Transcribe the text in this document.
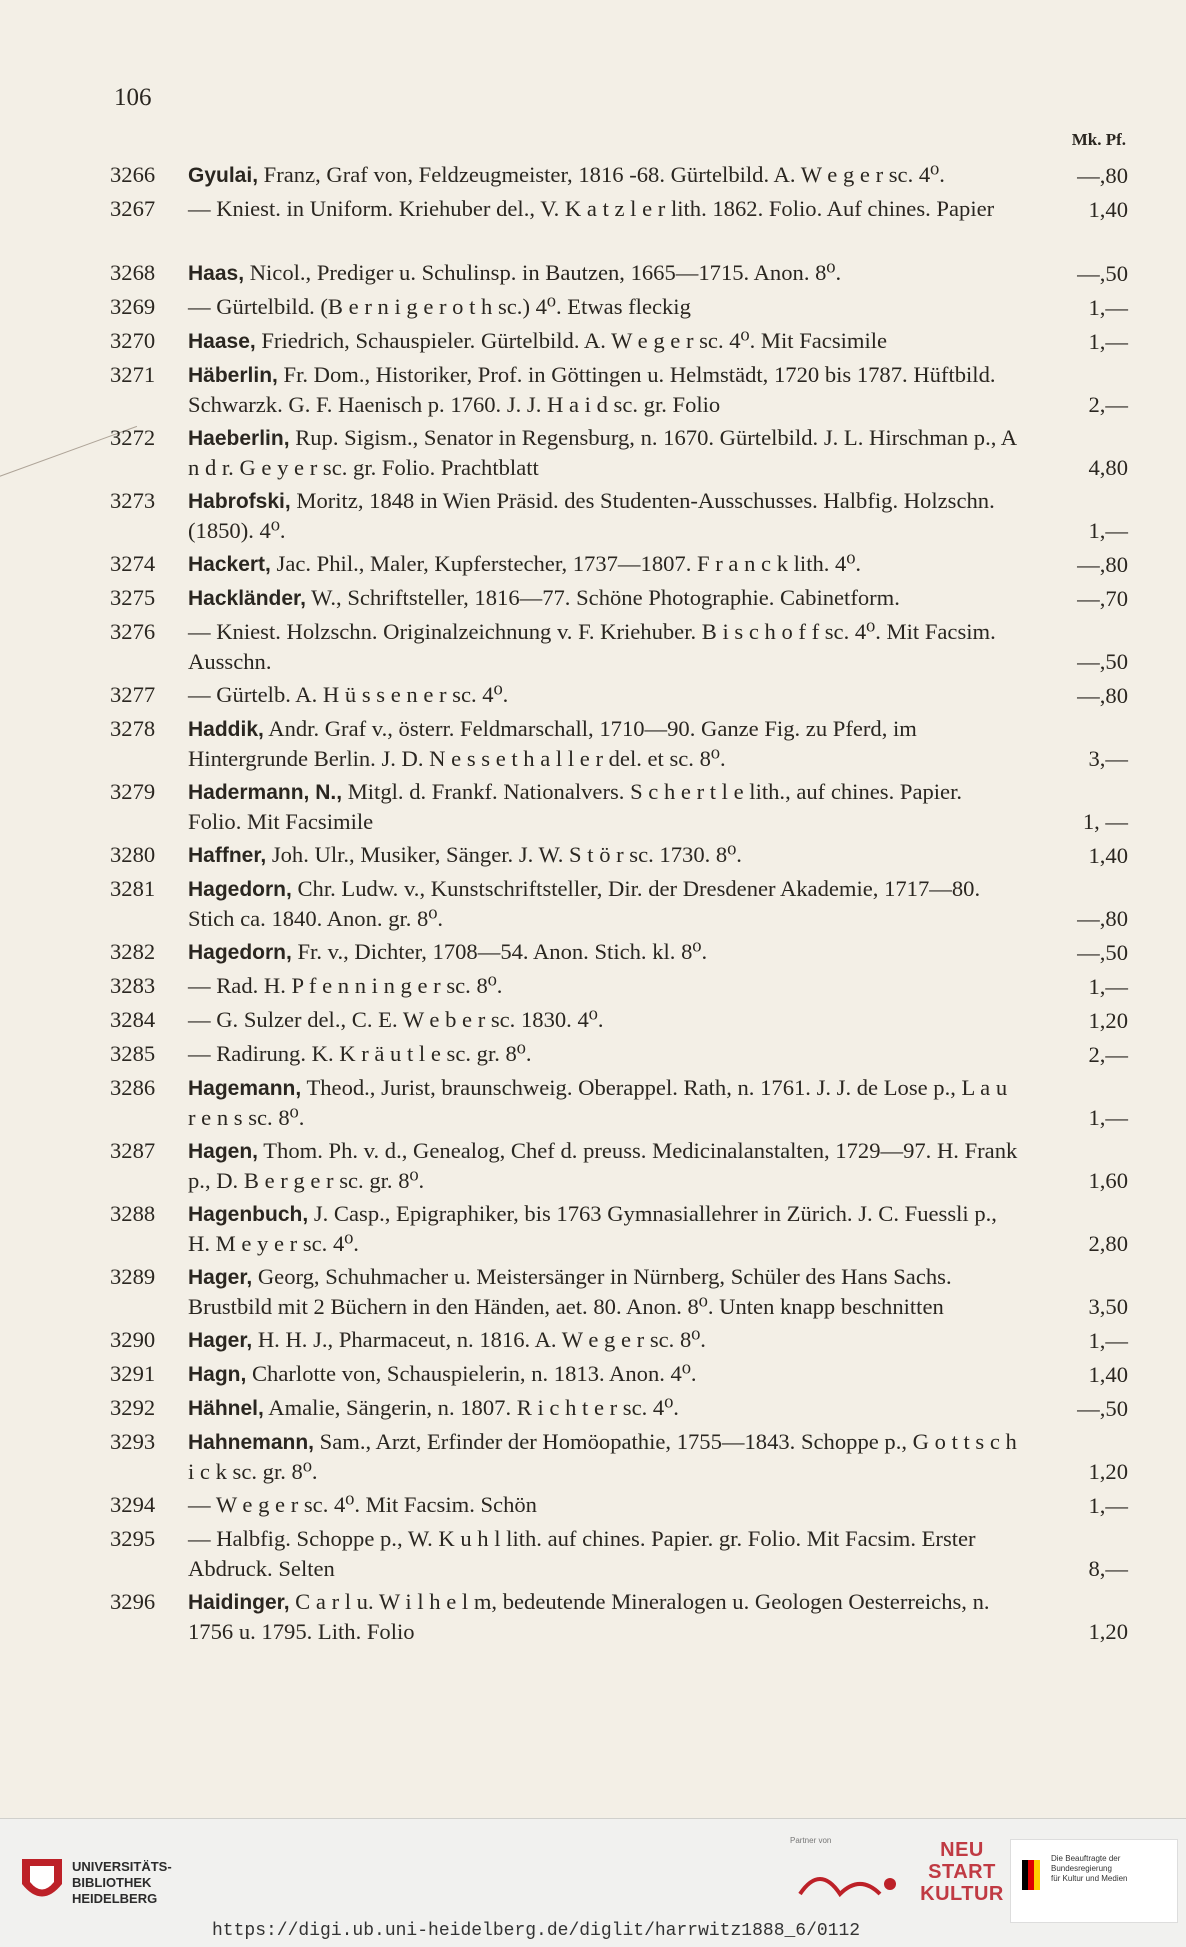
106
Mk. Pf.
3266	Gyulai, Franz, Graf von, Feldzeugmeister, 1816 -68. Gürtelbild. A. W e g e r sc. 4⁰.	—,80
3267	— Kniest. in Uniform. Kriehuber del., V. K a t z l e r lith. 1862. Folio. Auf chines. Papier	1,40
3268	Haas, Nicol., Prediger u. Schulinsp. in Bautzen, 1665—1715. Anon. 8⁰.	—,50
3269	— Gürtelbild. (B e r n i g e r o t h sc.) 4⁰. Etwas fleckig	1,—
3270	Haase, Friedrich, Schauspieler. Gürtelbild. A. W e g e r sc. 4⁰. Mit Facsimile	1,—
3271	Häberlin, Fr. Dom., Historiker, Prof. in Göttingen u. Helmstädt, 1720 bis 1787. Hüftbild. Schwarzk. G. F. Haenisch p. 1760. J. J. H a i d sc. gr. Folio	2,—
3272	Haeberlin, Rup. Sigism., Senator in Regensburg, n. 1670. Gürtelbild. J. L. Hirschman p., A n d r. G e y e r sc. gr. Folio. Prachtblatt	4,80
3273	Habrofski, Moritz, 1848 in Wien Präsid. des Studenten-Ausschusses. Halbfig. Holzschn. (1850). 4⁰.	1,—
3274	Hackert, Jac. Phil., Maler, Kupferstecher, 1737—1807. F r a n c k lith. 4⁰.	—,80
3275	Hackländer, W., Schriftsteller, 1816—77. Schöne Photographie. Cabinetform.	—,70
3276	— Kniest. Holzschn. Originalzeichnung v. F. Kriehuber. B i s c h o f f sc. 4⁰. Mit Facsim. Ausschn.	—,50
3277	— Gürtelb. A. H ü s s e n e r sc. 4⁰.	—,80
3278	Haddik, Andr. Graf v., österr. Feldmarschall, 1710—90. Ganze Fig. zu Pferd, im Hintergrunde Berlin. J. D. N e s s e t h a l l e r del. et sc. 8⁰.	3,—
3279	Hadermann, N., Mitgl. d. Frankf. Nationalvers. S c h e r t l e lith., auf chines. Papier. Folio. Mit Facsimile	1, —
3280	Haffner, Joh. Ulr., Musiker, Sänger. J. W. S t ö r sc. 1730. 8⁰.	1,40
3281	Hagedorn, Chr. Ludw. v., Kunstschriftsteller, Dir. der Dresdener Akademie, 1717—80. Stich ca. 1840. Anon. gr. 8⁰.	—,80
3282	Hagedorn, Fr. v., Dichter, 1708—54. Anon. Stich. kl. 8⁰.	—,50
3283	— Rad. H. P f e n n i n g e r sc. 8⁰.	1,—
3284	— G. Sulzer del., C. E. W e b e r sc. 1830. 4⁰.	1,20
3285	— Radirung. K. K r ä u t l e sc. gr. 8⁰.	2,—
3286	Hagemann, Theod., Jurist, braunschweig. Oberappel. Rath, n. 1761. J. J. de Lose p., L a u r e n s sc. 8⁰.	1,—
3287	Hagen, Thom. Ph. v. d., Genealog, Chef d. preuss. Medicinalanstalten, 1729—97. H. Frank p., D. B e r g e r sc. gr. 8⁰.	1,60
3288	Hagenbuch, J. Casp., Epigraphiker, bis 1763 Gymnasiallehrer in Zürich. J. C. Fuessli p., H. M e y e r sc. 4⁰.	2,80
3289	Hager, Georg, Schuhmacher u. Meistersänger in Nürnberg, Schüler des Hans Sachs. Brustbild mit 2 Büchern in den Händen, aet. 80. Anon. 8⁰. Unten knapp beschnitten	3,50
3290	Hager, H. H. J., Pharmaceut, n. 1816. A. W e g e r sc. 8⁰.	1,—
3291	Hagn, Charlotte von, Schauspielerin, n. 1813. Anon. 4⁰.	1,40
3292	Hähnel, Amalie, Sängerin, n. 1807. R i c h t e r sc. 4⁰.	—,50
3293	Hahnemann, Sam., Arzt, Erfinder der Homöopathie, 1755—1843. Schoppe p., G o t t s c h i c k sc. gr. 8⁰.	1,20
3294	— W e g e r sc. 4⁰. Mit Facsim. Schön	1,—
3295	— Halbfig. Schoppe p., W. K u h l lith. auf chines. Papier. gr. Folio. Mit Facsim. Erster Abdruck. Selten	8,—
3296	Haidinger, C a r l u. W i l h e l m, bedeutende Mineralogen u. Geologen Oesterreichs, n. 1756 u. 1795. Lith. Folio	1,20
UNIVERSITÄTS-
BIBLIOTHEK
HEIDELBERG
Partner von	NEU
START
KULTUR
Die Beauftragte der Bundesregierung
für Kultur und Medien
https://digi.ub.uni-heidelberg.de/diglit/harrwitz1888_6/0112
